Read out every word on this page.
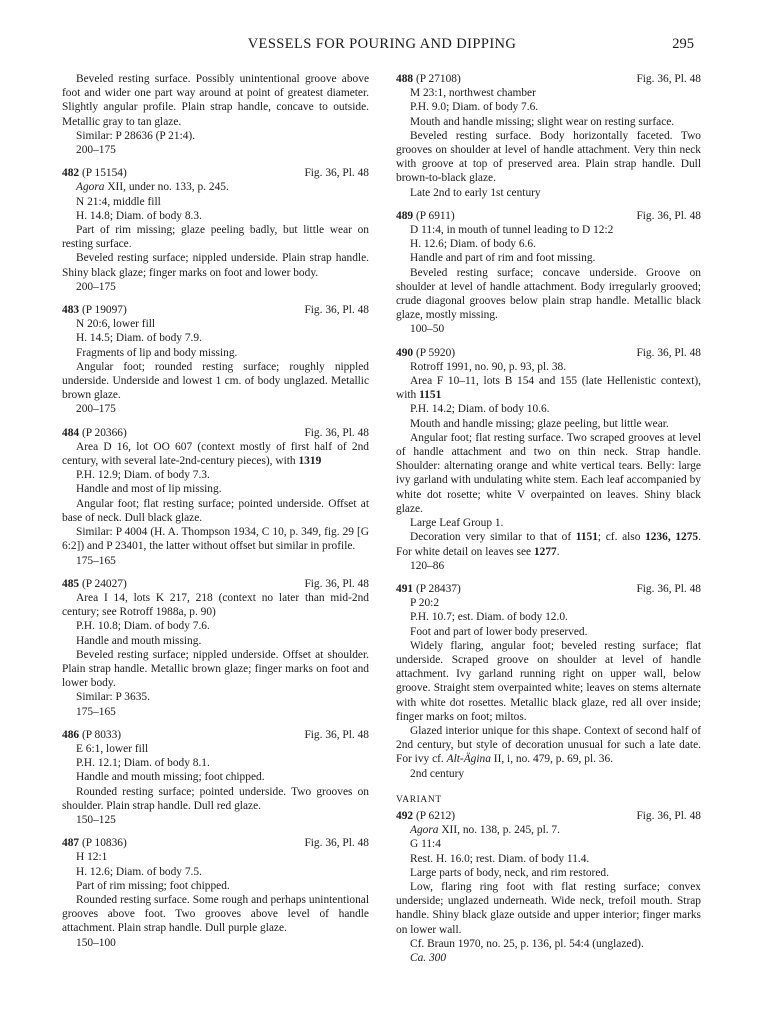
VESSELS FOR POURING AND DIPPING	295

Beveled resting surface. Possibly unintentional groove above foot and wider one part way around at point of greatest diameter. Slightly angular profile. Plain strap handle, concave to outside. Metallic gray to tan glaze.

Similar: P 28636 (P 21:4).

200–175

482 (P 15154)	Fig. 36, Pl. 48

Agora XII, under no. 133, p. 245.

N 21:4, middle fill

H. 14.8; Diam. of body 8.3.

Part of rim missing; glaze peeling badly, but little wear on resting surface.

Beveled resting surface; nippled underside. Plain strap handle. Shiny black glaze; finger marks on foot and lower body.

200–175

483 (P 19097)	Fig. 36, Pl. 48

N 20:6, lower fill

H. 14.5; Diam. of body 7.9.

Fragments of lip and body missing.

Angular foot; rounded resting surface; roughly nippled underside. Underside and lowest 1 cm. of body unglazed. Metallic brown glaze.

200–175

484 (P 20366)	Fig. 36, Pl. 48

Area D 16, lot OO 607 (context mostly of first half of 2nd century, with several late-2nd-century pieces), with 1319

P.H. 12.9; Diam. of body 7.3.

Handle and most of lip missing.

Angular foot; flat resting surface; pointed underside. Offset at base of neck. Dull black glaze.

Similar: P 4004 (H. A. Thompson 1934, C 10, p. 349, fig. 29 [G 6:2]) and P 23401, the latter without offset but similar in profile.

175–165

485 (P 24027)	Fig. 36, Pl. 48

Area I 14, lots K 217, 218 (context no later than mid-2nd century; see Rotroff 1988a, p. 90)

P.H. 10.8; Diam. of body 7.6.

Handle and mouth missing.

Beveled resting surface; nippled underside. Offset at shoulder. Plain strap handle. Metallic brown glaze; finger marks on foot and lower body.

Similar: P 3635.

175–165

486 (P 8033)	Fig. 36, Pl. 48

E 6:1, lower fill

P.H. 12.1; Diam. of body 8.1.

Handle and mouth missing; foot chipped.

Rounded resting surface; pointed underside. Two grooves on shoulder. Plain strap handle. Dull red glaze.

150–125

487 (P 10836)	Fig. 36, Pl. 48

H 12:1

H. 12.6; Diam. of body 7.5.

Part of rim missing; foot chipped.

Rounded resting surface. Some rough and perhaps unintentional grooves above foot. Two grooves above level of handle attachment. Plain strap handle. Dull purple glaze.

150–100

488 (P 27108)	Fig. 36, Pl. 48

M 23:1, northwest chamber

P.H. 9.0; Diam. of body 7.6.

Mouth and handle missing; slight wear on resting surface.

Beveled resting surface. Body horizontally faceted. Two grooves on shoulder at level of handle attachment. Very thin neck with groove at top of preserved area. Plain strap handle. Dull brown-to-black glaze.

Late 2nd to early 1st century

489 (P 6911)	Fig. 36, Pl. 48

D 11:4, in mouth of tunnel leading to D 12:2

H. 12.6; Diam. of body 6.6.

Handle and part of rim and foot missing.

Beveled resting surface; concave underside. Groove on shoulder at level of handle attachment. Body irregularly grooved; crude diagonal grooves below plain strap handle. Metallic black glaze, mostly missing.

100–50

490 (P 5920)	Fig. 36, Pl. 48

Rotroff 1991, no. 90, p. 93, pl. 38.

Area F 10–11, lots B 154 and 155 (late Hellenistic context), with 1151

P.H. 14.2; Diam. of body 10.6.

Mouth and handle missing; glaze peeling, but little wear.

Angular foot; flat resting surface. Two scraped grooves at level of handle attachment and two on thin neck. Strap handle. Shoulder: alternating orange and white vertical tears. Belly: large ivy garland with undulating white stem. Each leaf accompanied by white dot rosette; white V overpainted on leaves. Shiny black glaze.

Large Leaf Group 1.

Decoration very similar to that of 1151; cf. also 1236, 1275. For white detail on leaves see 1277.

120–86

491 (P 28437)	Fig. 36, Pl. 48

P 20:2

P.H. 10.7; est. Diam. of body 12.0.

Foot and part of lower body preserved.

Widely flaring, angular foot; beveled resting surface; flat underside. Scraped groove on shoulder at level of handle attachment. Ivy garland running right on upper wall, below groove. Straight stem overpainted white; leaves on stems alternate with white dot rosettes. Metallic black glaze, red all over inside; finger marks on foot; miltos.

Glazed interior unique for this shape. Context of second half of 2nd century, but style of decoration unusual for such a late date. For ivy cf. Alt-Ägina II, i, no. 479, p. 69, pl. 36.

2nd century

VARIANT
492 (P 6212)	Fig. 36, Pl. 48

Agora XII, no. 138, p. 245, pl. 7.

G 11:4

Rest. H. 16.0; rest. Diam. of body 11.4.

Large parts of body, neck, and rim restored.

Low, flaring ring foot with flat resting surface; convex underside; unglazed underneath. Wide neck, trefoil mouth. Strap handle. Shiny black glaze outside and upper interior; finger marks on lower wall.

Cf. Braun 1970, no. 25, p. 136, pl. 54:4 (unglazed).

Ca. 300
